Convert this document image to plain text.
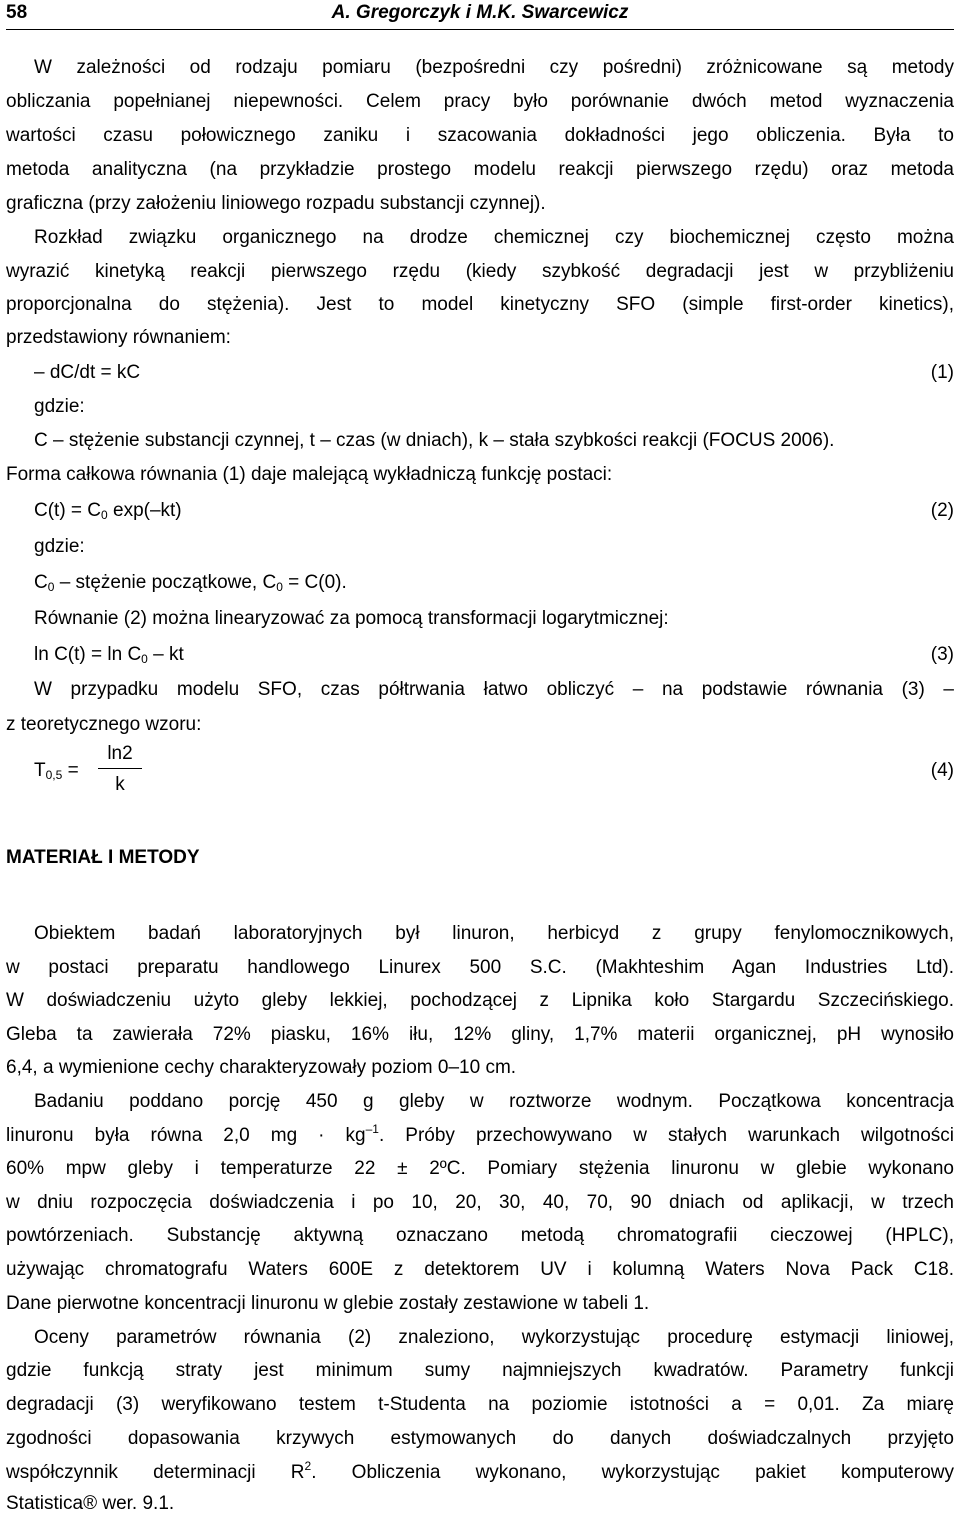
58	A. Gregorczyk i M.K. Swarcewicz
W zależności od rodzaju pomiaru (bezpośredni czy pośredni) zróżnicowane są metody
obliczania popełnianej niepewności. Celem pracy było porównanie dwóch metod wyznaczenia
wartości czasu połowicznego zaniku i szacowania dokładności jego obliczenia. Była to
metoda analityczna (na przykładzie prostego modelu reakcji pierwszego rzędu) oraz metoda
graficzna (przy założeniu liniowego rozpadu substancji czynnej).
Rozkład związku organicznego na drodze chemicznej czy biochemicznej często można
wyrazić kinetyką reakcji pierwszego rzędu (kiedy szybkość degradacji jest w przybliżeniu
proporcjonalna do stężenia). Jest to model kinetyczny SFO (simple first-order kinetics),
przedstawiony równaniem:
– dC/dt = kC	(1)
gdzie:
C – stężenie substancji czynnej, t – czas (w dniach), k – stała szybkości reakcji (FOCUS 2006).
Forma całkowa równania (1) daje malejącą wykładniczą funkcję postaci:
$C(t) = C_0$ exp(–kt)	(2)
gdzie:
$C_0$ – stężenie początkowe, $C_0 = C(0)$.
Równanie (2) można linearyzować za pomocą transformacji logarytmicznej:
$\ln C(t) = \ln C_0$ – kt	(3)
W przypadku modelu SFO, czas półtrwania łatwo obliczyć – na podstawie równania (3) –
z teoretycznego wzoru:
$T_{0,5}$ =
ln2
k
(4)
MATERIAŁ I METODY
Obiektem badań laboratoryjnych był linuron, herbicyd z grupy fenylomocznikowych,
w postaci preparatu handlowego Linurex 500 S.C. (Makhteshim Agan Industries Ltd).
W doświadczeniu użyto gleby lekkiej, pochodzącej z Lipnika koło Stargardu Szczecińskiego.
Gleba ta zawierała 72% piasku, 16% iłu, 12% gliny, 1,7% materii organicznej, pH wynosiło
6,4, a wymienione cechy charakteryzowały poziom 0–10 cm.
Badaniu poddano porcję 450 g gleby w roztworze wodnym. Początkowa koncentracja
linuronu była równa 2,0 mg · $kg^{-1}$. Próby przechowywano w stałych warunkach wilgotności
60% mpw gleby i temperaturze 22 ± 2ºC. Pomiary stężenia linuronu w glebie wykonano
w dniu rozpoczęcia doświadczenia i po 10, 20, 30, 40, 70, 90 dniach od aplikacji, w trzech
powtórzeniach. Substancję aktywną oznaczano metodą chromatografii cieczowej (HPLC),
używając chromatografu Waters 600E z detektorem UV i kolumną Waters Nova Pack C18.
Dane pierwotne koncentracji linuronu w glebie zostały zestawione w tabeli 1.
Oceny parametrów równania (2) znaleziono, wykorzystując procedurę estymacji liniowej,
gdzie funkcją straty jest minimum sumy najmniejszych kwadratów. Parametry funkcji
degradacji (3) weryfikowano testem t-Studenta na poziomie istotności a = 0,01. Za miarę
zgodności dopasowania krzywych estymowanych do danych doświadczalnych przyjęto
współczynnik determinacji $R^2$. Obliczenia wykonano, wykorzystując pakiet komputerowy
Statistica® wer. 9.1.
